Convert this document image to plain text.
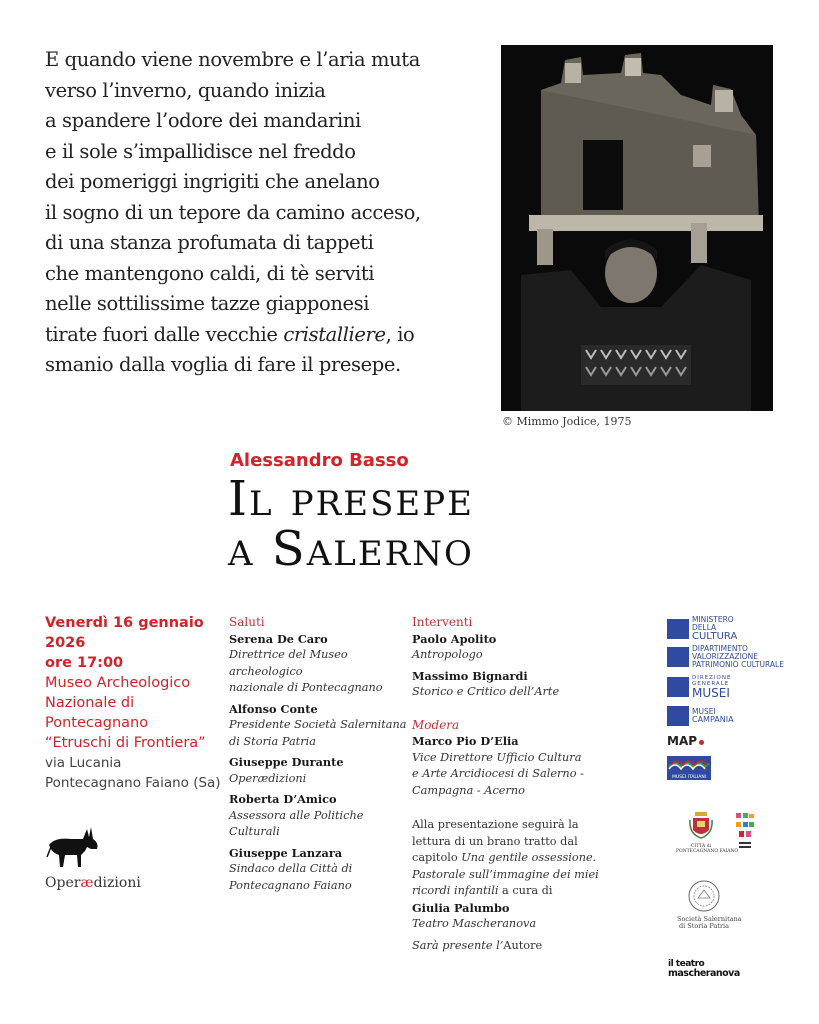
E quando viene novembre e l’aria muta
verso l’inverno, quando inizia
a spandere l’odore dei mandarini
e il sole s’impallidisce nel freddo
dei pomeriggi ingrigiti che anelano
il sogno di un tepore da camino acceso,
di una stanza profumata di tappeti
che mantengono caldi, di tè serviti
nelle sottilissime tazze giapponesi
tirate fuori dalle vecchie cristalliere, io
smanio dalla voglia di fare il presepe.
© Mimmo Jodice, 1975
Alessandro Basso
Il presepe
a Salerno
Venerdì 16 gennaio
2026
ore 17:00
Museo Archeologico
Nazionale di
Pontecagnano
“Etruschi di Frontiera”
via Lucania
Pontecagnano Faiano (Sa)
Operædizioni
Saluti
Serena De Caro
Direttrice del Museo archeologico
nazionale di Pontecagnano
Alfonso Conte
Presidente Società Salernitana
di Storia Patria
Giuseppe Durante
Operædizioni
Roberta D’Amico
Assessora alle Politiche Culturali
Giuseppe Lanzara
Sindaco della Città di
Pontecagnano Faiano
Interventi
Paolo Apolito
Antropologo
Massimo Bignardi
Storico e Critico dell’Arte
Modera
Marco Pio D’Elia
Vice Direttore Ufficio Cultura
e Arte Arcidiocesi di Salerno -
Campagna - Acerno
Alla presentazione seguirà la
lettura di un brano tratto dal
capitolo Una gentile ossessione.
Pastorale sull’immagine dei miei
ricordi infantili a cura di
Giulia Palumbo
Teatro Mascheranova
Sarà presente l’Autore
MINISTERO
DELLA
CULTURA
DIPARTIMENTO
VALORIZZAZIONE
PATRIMONIO CULTURALE
DIREZIONE
GENERALE
MUSEI
MUSEI
CAMPANIA
MAP
MUSEI ITALIANI
CITTÀ di
PONTECAGNANO FAIANO
Società Salernitana
di Storia Patria
il teatro
mascheranova
